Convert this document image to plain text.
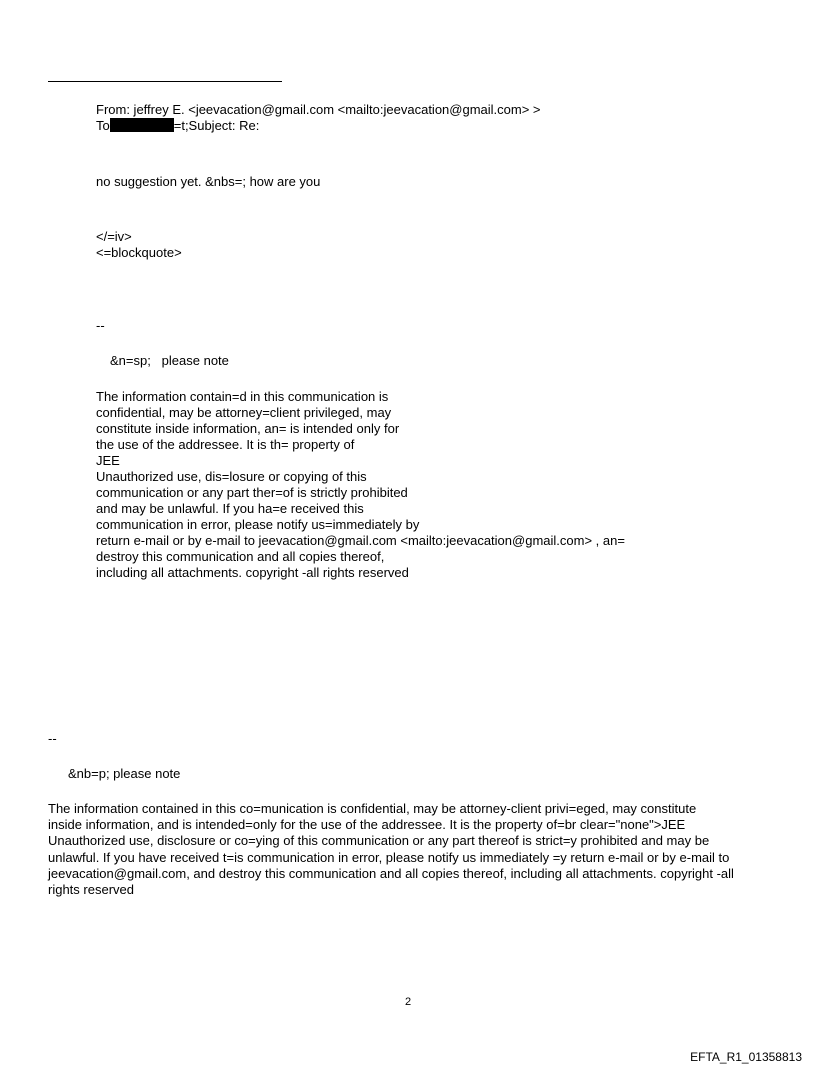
From: jeffrey E. <jeevacation@gmail.com <mailto:jeevacation@gmail.com> >
To	=t;Subject: Re:
no suggestion yet. &nbs=; how are you
</=iv>
<=blockquote>
--
&n=sp;   please note
The information contain=d in this communication is
confidential, may be attorney=client privileged, may
constitute inside information, an= is intended only for
the use of the addressee. It is th= property of
JEE
Unauthorized use, dis=losure or copying of this
communication or any part ther=of is strictly prohibited
and may be unlawful. If you ha=e received this
communication in error, please notify us=immediately by
return e-mail or by e-mail to jeevacation@gmail.com <mailto:jeevacation@gmail.com> , an=
destroy this communication and all copies thereof,
including all attachments. copyright -all rights reserved
--
&nb=p; please note
The information contained in this co=munication is confidential, may be attorney-client privi=eged, may constitute
inside information, and is intended=only for the use of the addressee. It is the property of=br clear="none">JEE
Unauthorized use, disclosure or co=ying of this communication or any part thereof is strict=y prohibited and may be
unlawful. If you have received t=is communication in error, please notify us immediately =y return e-mail or by e-mail to
jeevacation@gmail.com, and destroy this communication and all copies thereof, including all attachments. copyright -all
rights reserved
2
EFTA_R1_01358813
